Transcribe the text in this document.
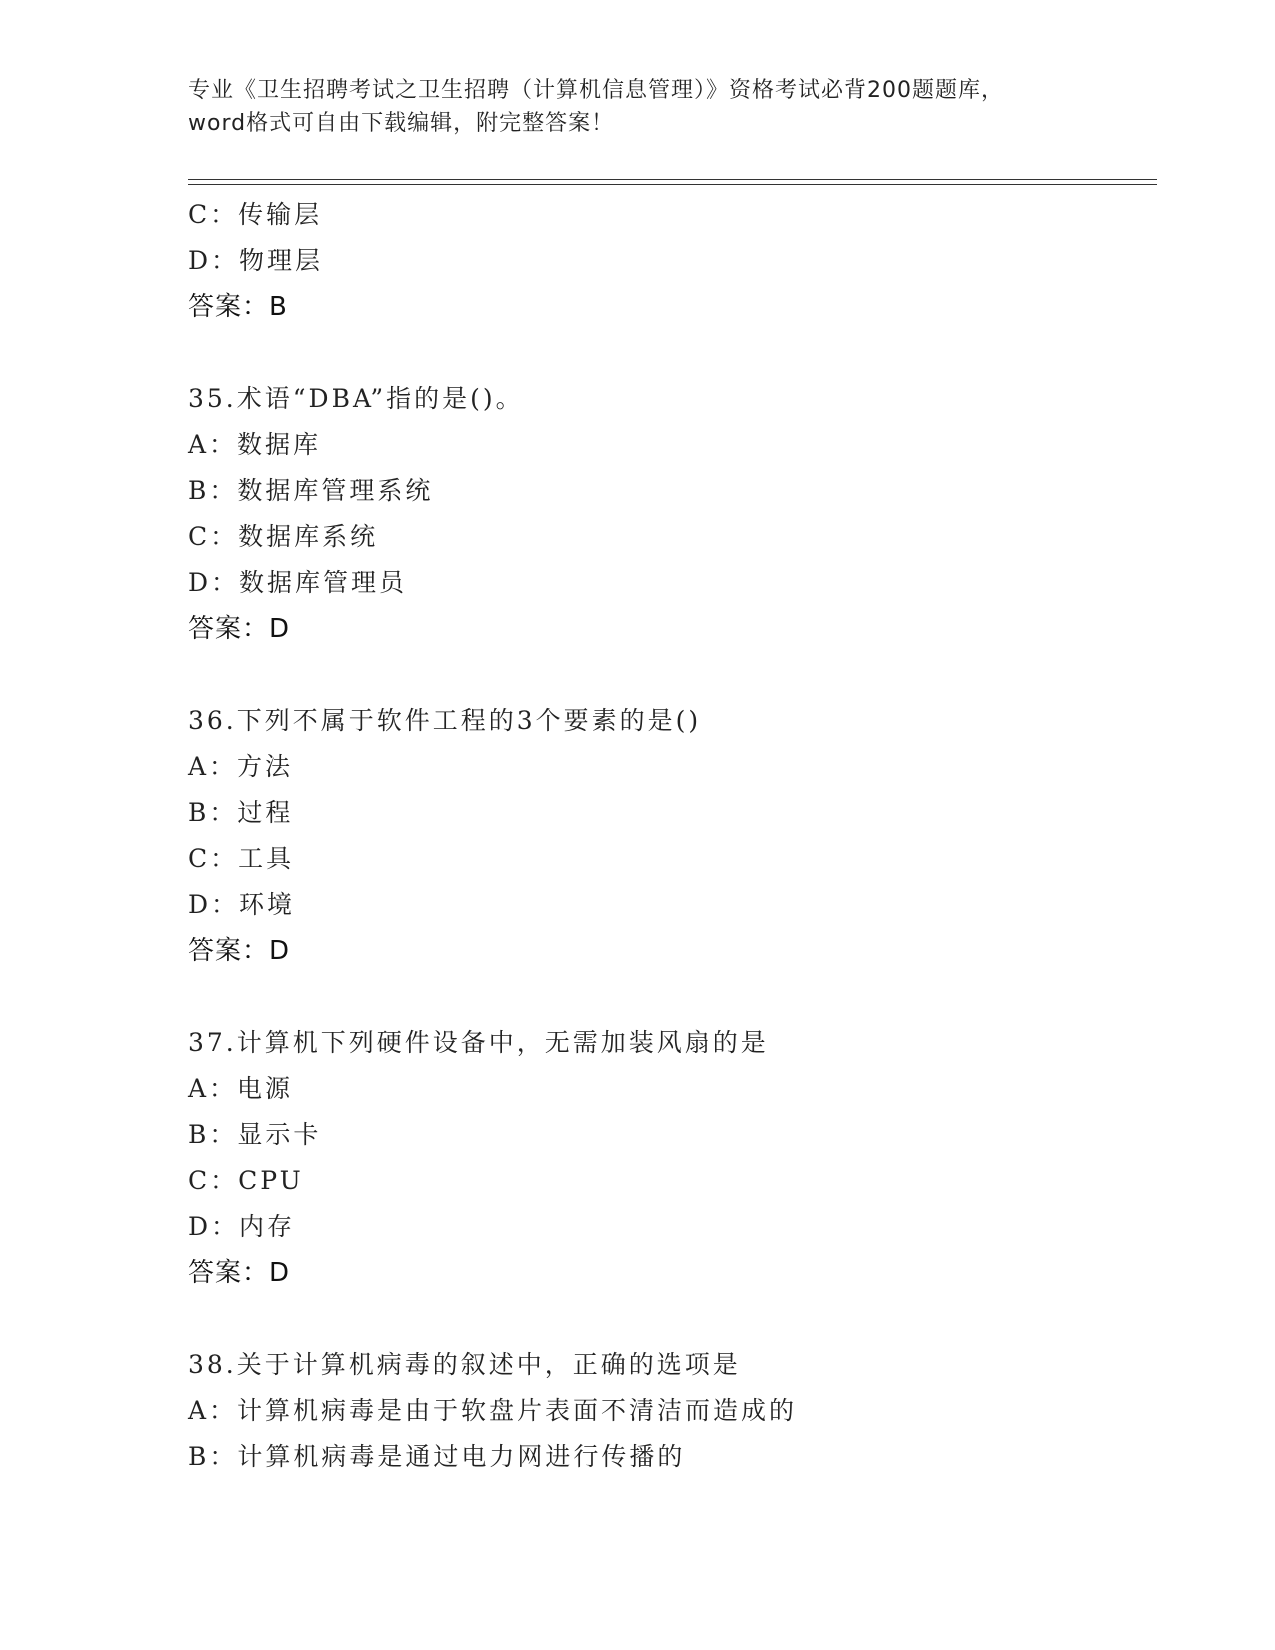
专业《卫生招聘考试之卫生招聘（计算机信息管理）》资格考试必背200题题库，
word格式可自由下载编辑，附完整答案！
C：传输层
D：物理层
答案：B
35.术语“DBA”指的是()。
A：数据库
B：数据库管理系统
C：数据库系统
D：数据库管理员
答案：D
36.下列不属于软件工程的3个要素的是()
A：方法
B：过程
C：工具
D：环境
答案：D
37.计算机下列硬件设备中，无需加装风扇的是
A：电源
B：显示卡
C：CPU
D：内存
答案：D
38.关于计算机病毒的叙述中，正确的选项是
A：计算机病毒是由于软盘片表面不清洁而造成的
B：计算机病毒是通过电力网进行传播的
